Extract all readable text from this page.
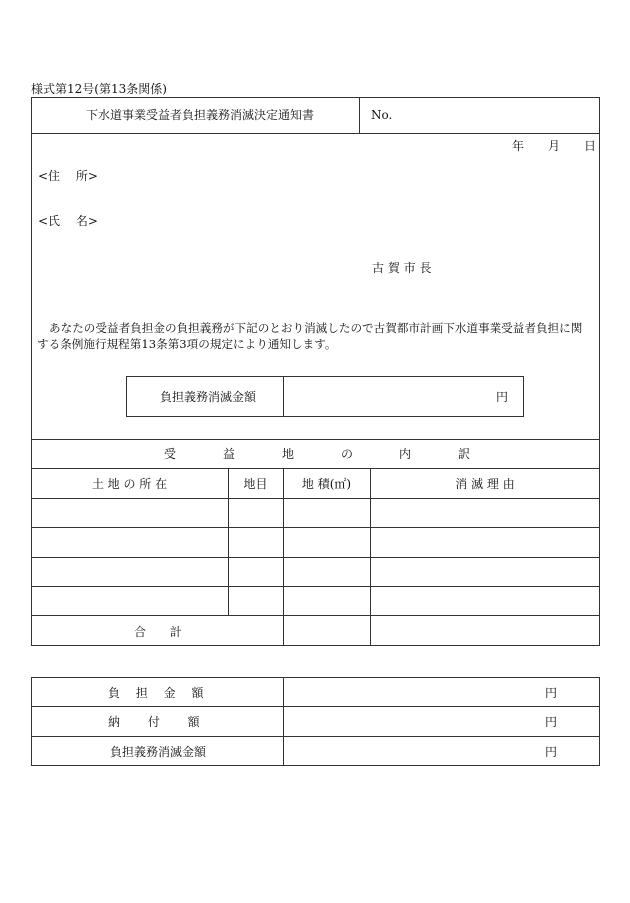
様式第12号(第13条関係)
下水道事業受益者負担義務消滅決定通知書	No.
年 月 日
<住 所>
<氏 名>
古 賀 市 長
あなたの受益者負担金の負担義務が下記のとおり消滅したので古賀都市計画下水道事業受益者負担に関
する条例施行規程第13条第3項の規定により通知します。
負担義務消滅金額	円
受	益	地	の	内	訳
土 地 の 所 在	地目	地 積(㎡)	消 滅 理 由
合 計
負 担 金 額	円
納 付 額	円
負担義務消滅金額	円
